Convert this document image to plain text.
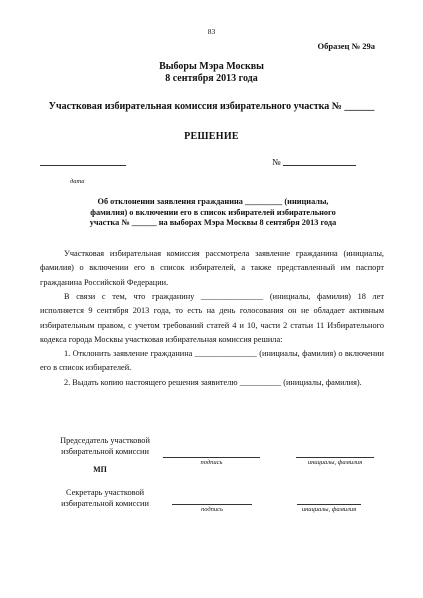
83
Образец № 29а
Выборы Мэра Москвы
8 сентября 2013 года
Участковая избирательная комиссия избирательного участка № ______
РЕШЕНИЕ
дата
№
Об отклонении заявления гражданина _________ (инициалы, фамилия) о включении его в список избирателей избирательного участка № ______ на выборах Мэра Москвы 8 сентября 2013 года
Участковая избирательная комиссия рассмотрела заявление гражданина (инициалы, фамилия) о включении его в список избирателей, а также представленный им паспорт гражданина Российской Федерации.
В связи с тем, что гражданину _______________ (инициалы, фамилия) 18 лет исполняется 9 сентября 2013 года, то есть на день голосования он не обладает активным избирательным правом, с учетом требований статей 4 и 10, части 2 статьи 11 Избирательного кодекса города Москвы участковая избирательная комиссия решила:
1. Отклонить заявление гражданина _______________ (инициалы, фамилия) о включении его в список избирателей.
2. Выдать копию настоящего решения заявителю __________ (инициалы, фамилия).
Председатель участковой избирательной комиссии
подпись	инициалы, фамилия
МП
Секретарь участковой избирательной комиссии
подпись	инициалы, фамилия
